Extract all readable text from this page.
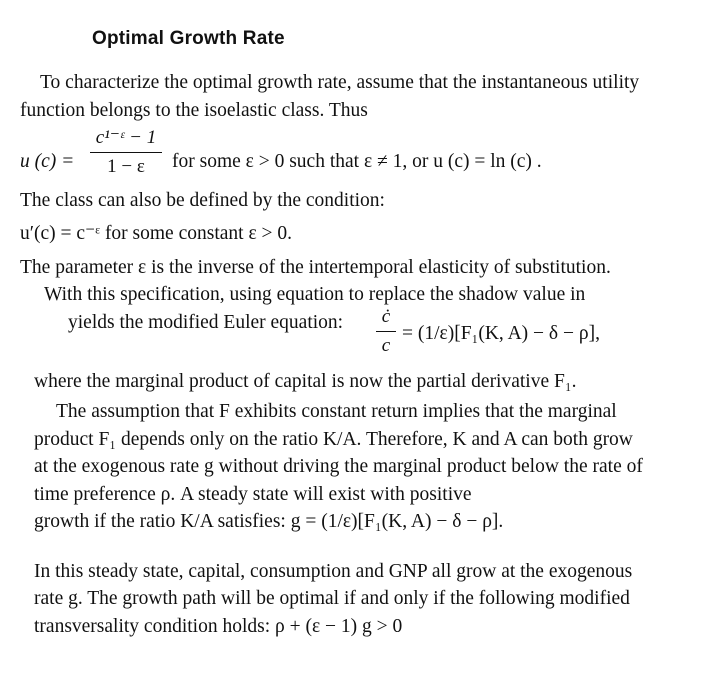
Optimal Growth Rate
To characterize the optimal growth rate, assume that the instantaneous utility
function belongs to the isoelastic class. Thus
u (c) =
c¹⁻ᵋ − 1
1 − ε	for some ε > 0 such that ε ≠ 1, or u (c) = ln (c) .
The class can also be defined by the condition:
u′(c) = c⁻ᵋ for some constant ε > 0.
The parameter ε is the inverse of the intertemporal elasticity of substitution.
With this specification, using equation to replace the shadow value in
yields the modified Euler equation:	ċ
c
= (1/ε)[F₁(K, A) − δ − ρ],
where the marginal product of capital is now the partial derivative F₁.
The assumption that F exhibits constant return implies that the marginal
product F₁ depends only on the ratio K/A. Therefore, K and A can both grow
at the exogenous rate g without driving the marginal product below the rate of
time preference ρ. A steady state will exist with positive
growth if the ratio K/A satisfies: g = (1/ε)[F₁(K, A) − δ − ρ].
In this steady state, capital, consumption and GNP all grow at the exogenous
rate g. The growth path will be optimal if and only if the following modified
transversality condition holds: ρ + (ε − 1) g > 0
